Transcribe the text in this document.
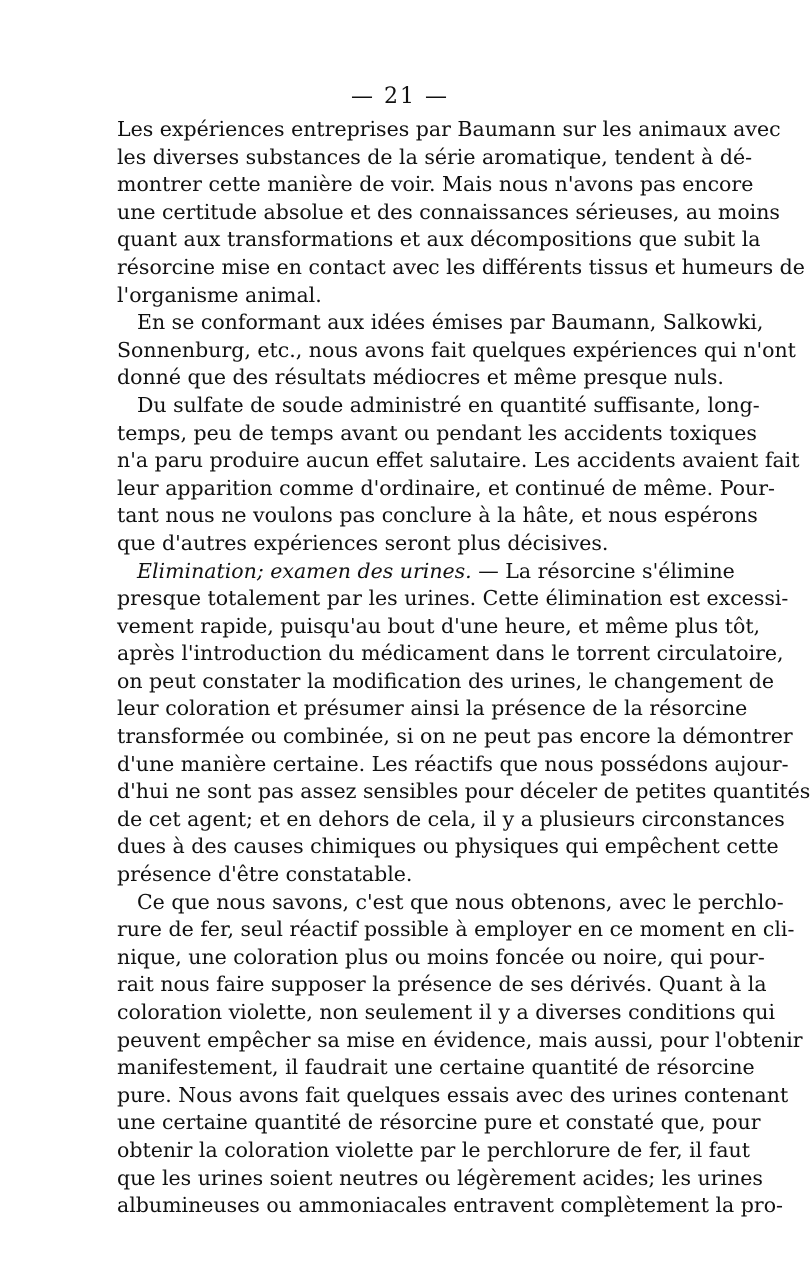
— 21 —
Les expériences entreprises par Baumann sur les animaux avec
les diverses substances de la série aromatique, tendent à dé-
montrer cette manière de voir. Mais nous n'avons pas encore
une certitude absolue et des connaissances sérieuses, au moins
quant aux transformations et aux décompositions que subit la
résorcine mise en contact avec les différents tissus et humeurs de
l'organisme animal.
En se conformant aux idées émises par Baumann, Salkowki,
Sonnenburg, etc., nous avons fait quelques expériences qui n'ont
donné que des résultats médiocres et même presque nuls.
Du sulfate de soude administré en quantité suffisante, long-
temps, peu de temps avant ou pendant les accidents toxiques
n'a paru produire aucun effet salutaire. Les accidents avaient fait
leur apparition comme d'ordinaire, et continué de même. Pour-
tant nous ne voulons pas conclure à la hâte, et nous espérons
que d'autres expériences seront plus décisives.
Elimination; examen des urines. — La résorcine s'élimine
presque totalement par les urines. Cette élimination est excessi-
vement rapide, puisqu'au bout d'une heure, et même plus tôt,
après l'introduction du médicament dans le torrent circulatoire,
on peut constater la modification des urines, le changement de
leur coloration et présumer ainsi la présence de la résorcine
transformée ou combinée, si on ne peut pas encore la démontrer
d'une manière certaine. Les réactifs que nous possédons aujour-
d'hui ne sont pas assez sensibles pour déceler de petites quantités
de cet agent; et en dehors de cela, il y a plusieurs circonstances
dues à des causes chimiques ou physiques qui empêchent cette
présence d'être constatable.
Ce que nous savons, c'est que nous obtenons, avec le perchlo-
rure de fer, seul réactif possible à employer en ce moment en cli-
nique, une coloration plus ou moins foncée ou noire, qui pour-
rait nous faire supposer la présence de ses dérivés. Quant à la
coloration violette, non seulement il y a diverses conditions qui
peuvent empêcher sa mise en évidence, mais aussi, pour l'obtenir
manifestement, il faudrait une certaine quantité de résorcine
pure. Nous avons fait quelques essais avec des urines contenant
une certaine quantité de résorcine pure et constaté que, pour
obtenir la coloration violette par le perchlorure de fer, il faut
que les urines soient neutres ou légèrement acides; les urines
albumineuses ou ammoniacales entravent complètement la pro-
